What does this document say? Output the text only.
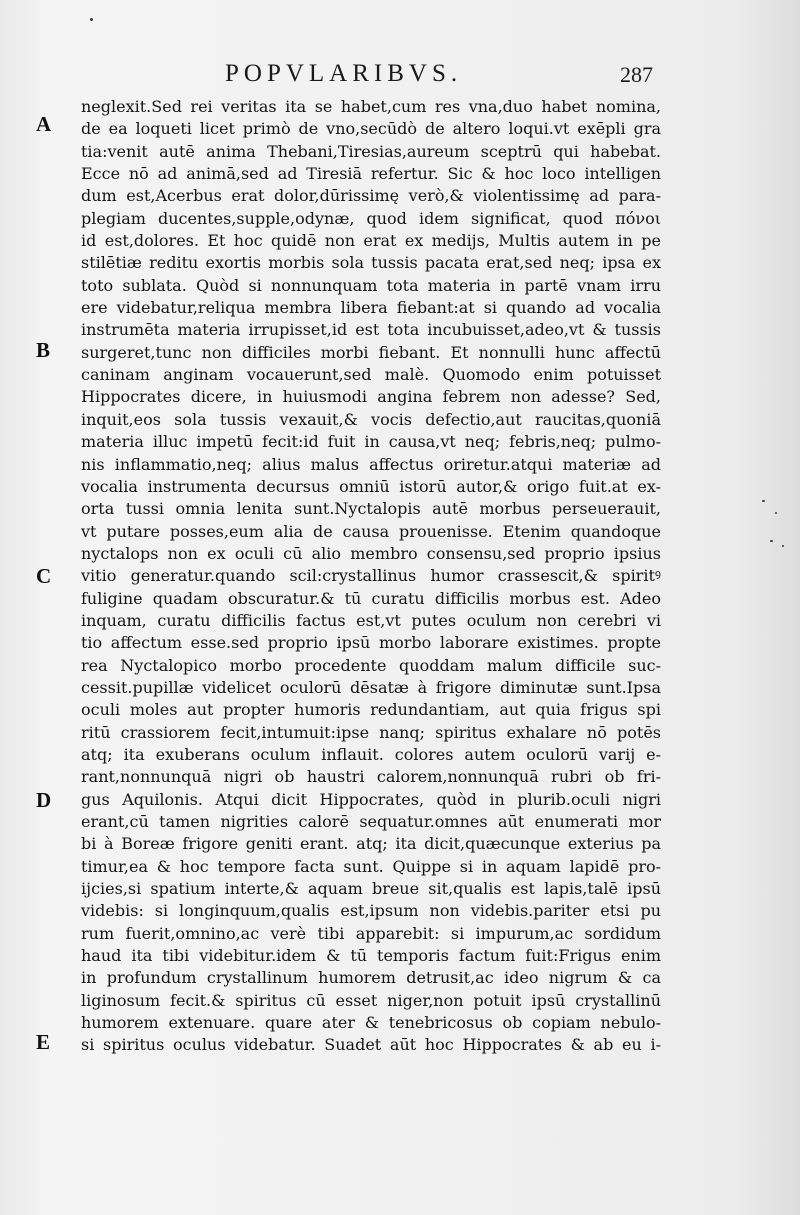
POPVLARIBVS.	287
A
B
C
D
E
neglexit.Sed rei veritas ita se habet,cum res vna,duo habet nomina,
de ea loqueti licet primò de vno,secūdò de altero loqui.vt exēpli gra
tia:venit autē anima Thebani,Tiresias,aureum sceptrū qui habebat.
Ecce nō ad animā,sed ad Tiresiā refertur. Sic & hoc loco intelligen
dum est,Acerbus erat dolor,dūrissimę verò,& violentissimę ad para-
plegiam ducentes,supple,odynæ, quod idem significat, quod πόνοι
id est,dolores. Et hoc quidē non erat ex medijs, Multis autem in pe
stilētiæ reditu exortis morbis sola tussis pacata erat,sed neq; ipsa ex
toto sublata. Quòd si nonnunquam tota materia in partē vnam irru
ere videbatur,reliqua membra libera fiebant:at si quando ad vocalia
instrumēta materia irrupisset,id est tota incubuisset,adeo,vt & tussis
surgeret,tunc non difficiles morbi fiebant. Et nonnulli hunc affectū
caninam anginam vocauerunt,sed malè. Quomodo enim potuisset
Hippocrates dicere, in huiusmodi angina febrem non adesse? Sed,
inquit,eos sola tussis vexauit,& vocis defectio,aut raucitas,quoniā
materia illuc impetū fecit:id fuit in causa,vt neq; febris,neq; pulmo-
nis inflammatio,neq; alius malus affectus oriretur.atqui materiæ ad
vocalia instrumenta decursus omniū istorū autor,& origo fuit.at ex-
orta tussi omnia lenita sunt.Nyctalopis autē morbus perseuerauit,
vt putare posses,eum alia de causa prouenisse. Etenim quandoque
nyctalops non ex oculi cū alio membro consensu,sed proprio ipsius
vitio generatur.quando scil:crystallinus humor crassescit,& spiritꝰ
fuligine quadam obscuratur.& tū curatu difficilis morbus est. Adeo
inquam, curatu difficilis factus est,vt putes oculum non cerebri vi
tio affectum esse.sed proprio ipsū morbo laborare existimes. propte
rea Nyctalopico morbo procedente quoddam malum difficile suc-
cessit.pupillæ videlicet oculorū dēsatæ à frigore diminutæ sunt.Ipsa
oculi moles aut propter humoris redundantiam, aut quia frigus spi
ritū crassiorem fecit,intumuit:ipse nanq; spiritus exhalare nō potēs
atq; ita exuberans oculum inflauit. colores autem oculorū varij e-
rant,nonnunquā nigri ob haustri calorem,nonnunquā rubri ob fri-
gus Aquilonis. Atqui dicit Hippocrates, quòd in plurib.oculi nigri
erant,cū tamen nigrities calorē sequatur.omnes aūt enumerati mor
bi à Boreæ frigore geniti erant. atq; ita dicit,quæcunque exterius pa
timur,ea & hoc tempore facta sunt. Quippe si in aquam lapidē pro-
ijcies,si spatium interte,& aquam breue sit,qualis est lapis,talē ipsū
videbis: si longinquum,qualis est,ipsum non videbis.pariter etsi pu
rum fuerit,omnino,ac verè tibi apparebit: si impurum,ac sordidum
haud ita tibi videbitur.idem & tū temporis factum fuit:Frigus enim
in profundum crystallinum humorem detrusit,ac ideo nigrum & ca
liginosum fecit.& spiritus cū esset niger,non potuit ipsū crystallinū
humorem extenuare. quare ater & tenebricosus ob copiam nebulo-
si spiritus oculus videbatur. Suadet aūt hoc Hippocrates & ab eu i-
